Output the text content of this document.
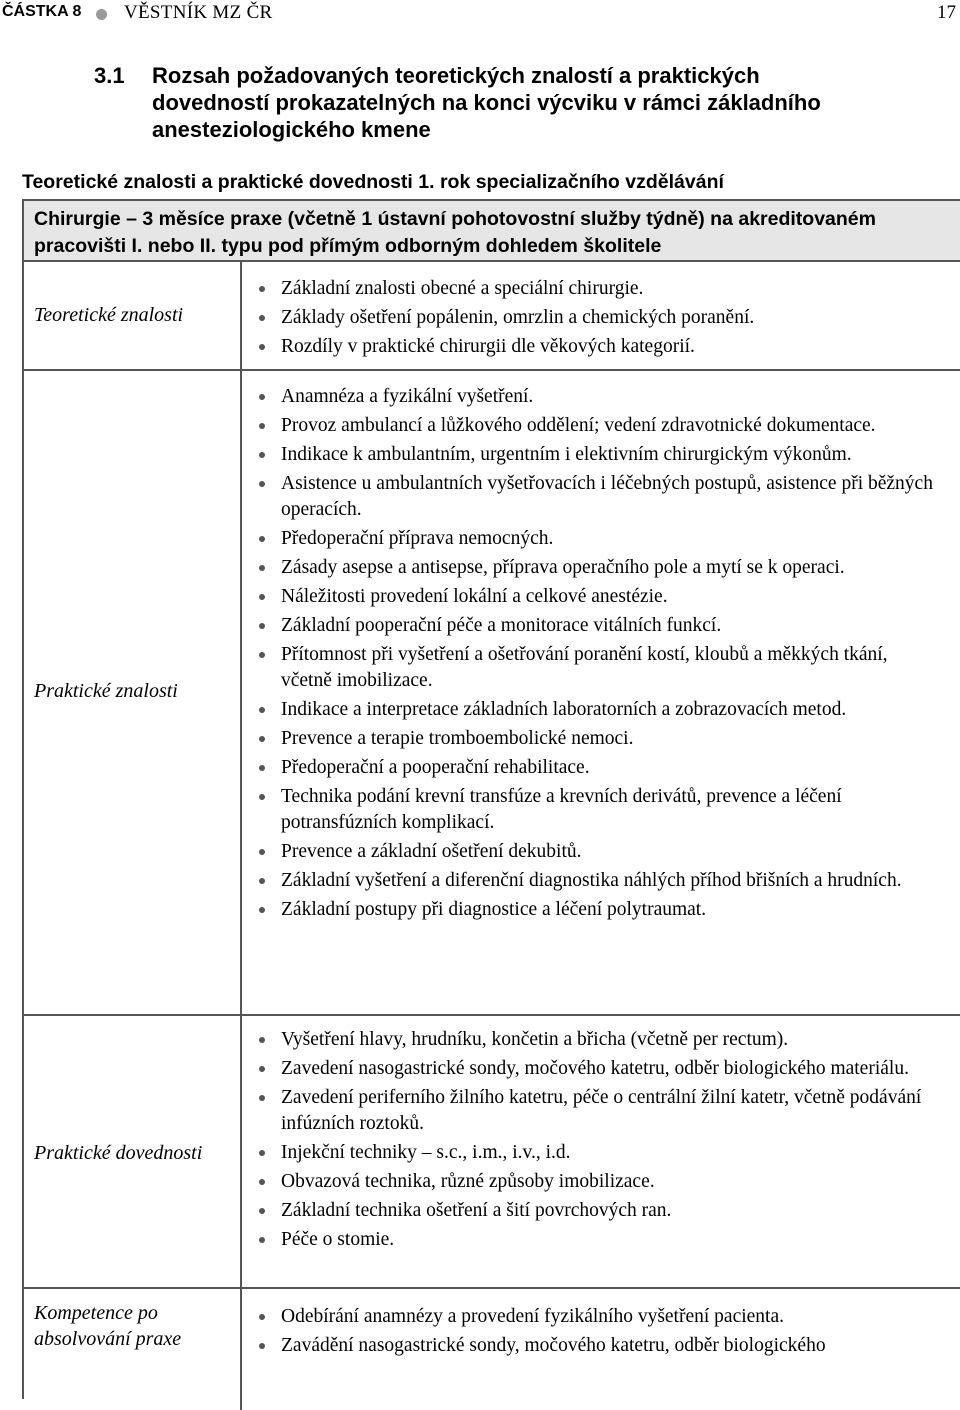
ČÁSTKA 8 VĚSTNÍK MZ ČR	17
3.1 Rozsah požadovaných teoretických znalostí a praktických dovedností prokazatelných na konci výcviku v rámci základního anesteziologického kmene
Teoretické znalosti a praktické dovednosti 1. rok specializačního vzdělávání
Chirurgie – 3 měsíce praxe (včetně 1 ústavní pohotovostní služby týdně) na akreditovaném pracovišti I. nebo II. typu pod přímým odborným dohledem školitele
Teoretické znalosti
Základní znalosti obecné a speciální chirurgie.
Základy ošetření popálenin, omrzlin a chemických poranění.
Rozdíly v praktické chirurgii dle věkových kategorií.
Praktické znalosti
Anamnéza a fyzikální vyšetření.
Provoz ambulancí a lůžkového oddělení; vedení zdravotnické dokumentace.
Indikace k ambulantním, urgentním i elektivním chirurgickým výkonům.
Asistence u ambulantních vyšetřovacích i léčebných postupů, asistence při běžných operacích.
Předoperační příprava nemocných.
Zásady asepse a antisepse, příprava operačního pole a mytí se k operaci.
Náležitosti provedení lokální a celkové anestézie.
Základní pooperační péče a monitorace vitálních funkcí.
Přítomnost při vyšetření a ošetřování poranění kostí, kloubů a měkkých tkání, včetně imobilizace.
Indikace a interpretace základních laboratorních a zobrazovacích metod.
Prevence a terapie tromboembolické nemoci.
Předoperační a pooperační rehabilitace.
Technika podání krevní transfúze a krevních derivátů, prevence a léčení potransfúzních komplikací.
Prevence a základní ošetření dekubitů.
Základní vyšetření a diferenční diagnostika náhlých příhod břišních a hrudních.
Základní postupy při diagnostice a léčení polytraumat.
Praktické dovednosti
Vyšetření hlavy, hrudníku, končetin a břicha (včetně per rectum).
Zavedení nasogastrické sondy, močového katetru, odběr biologického materiálu.
Zavedení periferního žilního katetru, péče o centrální žilní katetr, včetně podávání infúzních roztoků.
Injekční techniky – s.c., i.m., i.v., i.d.
Obvazová technika, různé způsoby imobilizace.
Základní technika ošetření a šití povrchových ran.
Péče o stomie.
Kompetence po absolvování praxe
Odebírání anamnézy a provedení fyzikálního vyšetření pacienta.
Zavádění nasogastrické sondy, močového katetru, odběr biologického
